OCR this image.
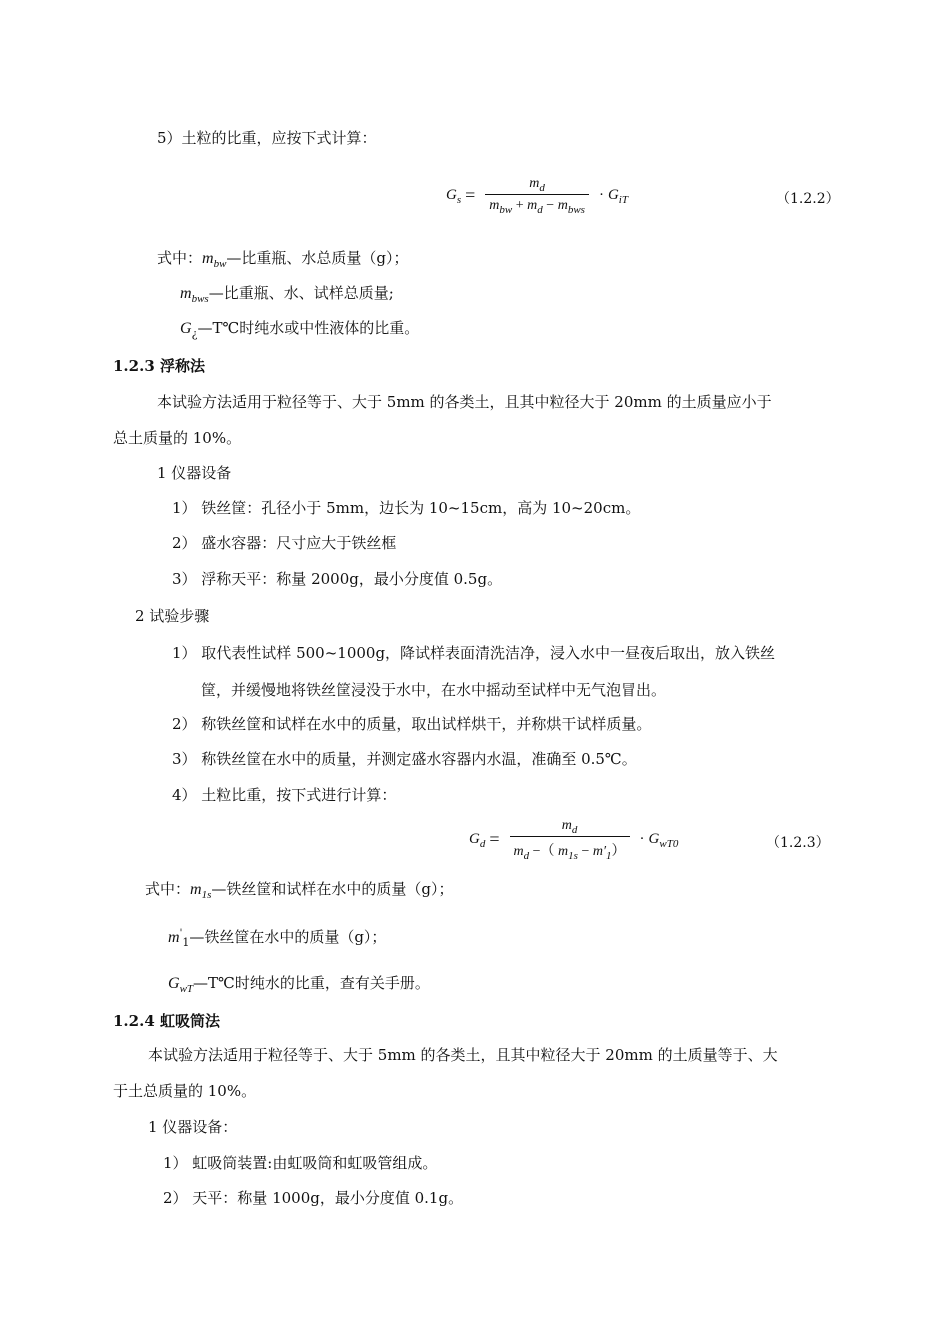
5）土粒的比重，应按下式计算：
$G_s = \frac{m_d}{m_{bw} + m_d - m_{bws}} \cdot G_{iT}$	（1.2.2）
式中：$m_{bw}—$比重瓶、水总质量（g）；
$m_{bws}—$比重瓶、水、试样总质量;
$G_¿—T℃$时纯水或中性液体的比重。
1.2.3 浮称法
本试验方法适用于粒径等于、大于 5mm 的各类土，且其中粒径大于 20mm 的土质量应小于
总土质量的 10%。
1 仪器设备
1） 铁丝筐：孔径小于 5mm，边长为 10~15cm，高为 10~20cm。
2） 盛水容器：尺寸应大于铁丝框
3） 浮称天平：称量 2000g，最小分度值 0.5g。
2 试验步骤
1） 取代表性试样 500~1000g，降试样表面清洗洁净，浸入水中一昼夜后取出，放入铁丝
筐，并缓慢地将铁丝筐浸没于水中，在水中摇动至试样中无气泡冒出。
2） 称铁丝筐和试样在水中的质量，取出试样烘干，并称烘干试样质量。
3） 称铁丝筐在水中的质量，并测定盛水容器内水温，准确至 0.5℃。
4） 土粒比重，按下式进行计算：
$G_d = \frac{m_d}{m_d -( m_{1s} - m'_1)} \cdot G_{wT0}$	（1.2.3）
式中：$m_{1s}—$铁丝筐和试样在水中的质量（g）；
$m'_1—$铁丝筐在水中的质量（g）；
$G_{wT}—T℃$时纯水的比重，查有关手册。
1.2.4 虹吸筒法
本试验方法适用于粒径等于、大于 5mm 的各类土，且其中粒径大于 20mm 的土质量等于、大
于土总质量的 10%。
1 仪器设备：
1） 虹吸筒装置:由虹吸筒和虹吸管组成。
2） 天平：称量 1000g，最小分度值 0.1g。
